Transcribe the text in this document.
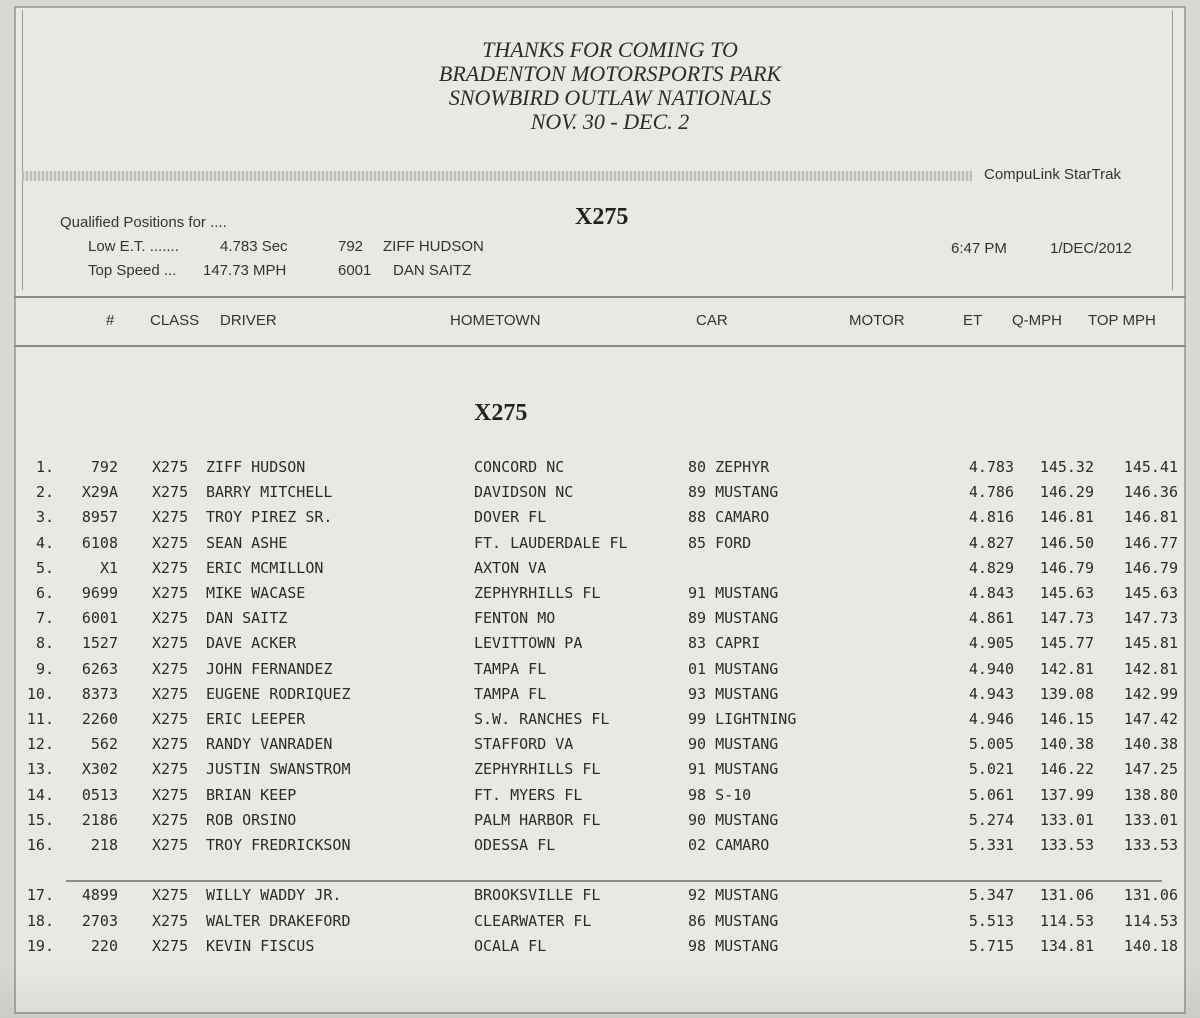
THANKS FOR COMING TO
BRADENTON MOTORSPORTS PARK
SNOWBIRD OUTLAW NATIONALS
NOV. 30 - DEC. 2
CompuLink StarTrak
Qualified Positions for ....	X275
Low E.T. .......	4.783 Sec	792 ZIFF HUDSON
Top Speed ... 147.73 MPH	6001 DAN SAITZ
6:47 PM	1/DEC/2012
# CLASS DRIVER	HOMETOWN	CAR	MOTOR	ET Q-MPH TOP MPH
X275
1.	792 X275 ZIFF HUDSON	CONCORD NC	80 ZEPHYR	4.783	145.32	145.41
2.	X29A X275 BARRY MITCHELL	DAVIDSON NC	89 MUSTANG	4.786	146.29	146.36
3.	8957 X275 TROY PIREZ SR.	DOVER FL	88 CAMARO	4.816	146.81	146.81
4.	6108 X275 SEAN ASHE	FT. LAUDERDALE FL	85 FORD	4.827	146.50	146.77
5.	X1 X275 ERIC MCMILLON	AXTON VA	4.829	146.79	146.79
6.	9699 X275 MIKE WACASE	ZEPHYRHILLS FL	91 MUSTANG	4.843	145.63	145.63
7.	6001 X275 DAN SAITZ	FENTON MO	89 MUSTANG	4.861	147.73	147.73
8.	1527 X275 DAVE ACKER	LEVITTOWN PA	83 CAPRI	4.905	145.77	145.81
9.	6263 X275 JOHN FERNANDEZ	TAMPA FL	01 MUSTANG	4.940	142.81	142.81
10.	8373 X275 EUGENE RODRIQUEZ	TAMPA FL	93 MUSTANG	4.943	139.08	142.99
11.	2260 X275 ERIC LEEPER	S.W. RANCHES FL	99 LIGHTNING	4.946	146.15	147.42
12.	562 X275 RANDY VANRADEN	STAFFORD VA	90 MUSTANG	5.005	140.38	140.38
13.	X302 X275 JUSTIN SWANSTROM	ZEPHYRHILLS FL	91 MUSTANG	5.021	146.22	147.25
14.	0513 X275 BRIAN KEEP	FT. MYERS FL	98 S-10	5.061	137.99	138.80
15.	2186 X275 ROB ORSINO	PALM HARBOR FL	90 MUSTANG	5.274	133.01	133.01
16.	218 X275 TROY FREDRICKSON	ODESSA FL	02 CAMARO	5.331	133.53	133.53
17.	4899 X275 WILLY WADDY JR.	BROOKSVILLE FL	92 MUSTANG	5.347	131.06	131.06
18.	2703 X275 WALTER DRAKEFORD	CLEARWATER FL	86 MUSTANG	5.513	114.53	114.53
19.	220 X275 KEVIN FISCUS	OCALA FL	98 MUSTANG	5.715	134.81	140.18
